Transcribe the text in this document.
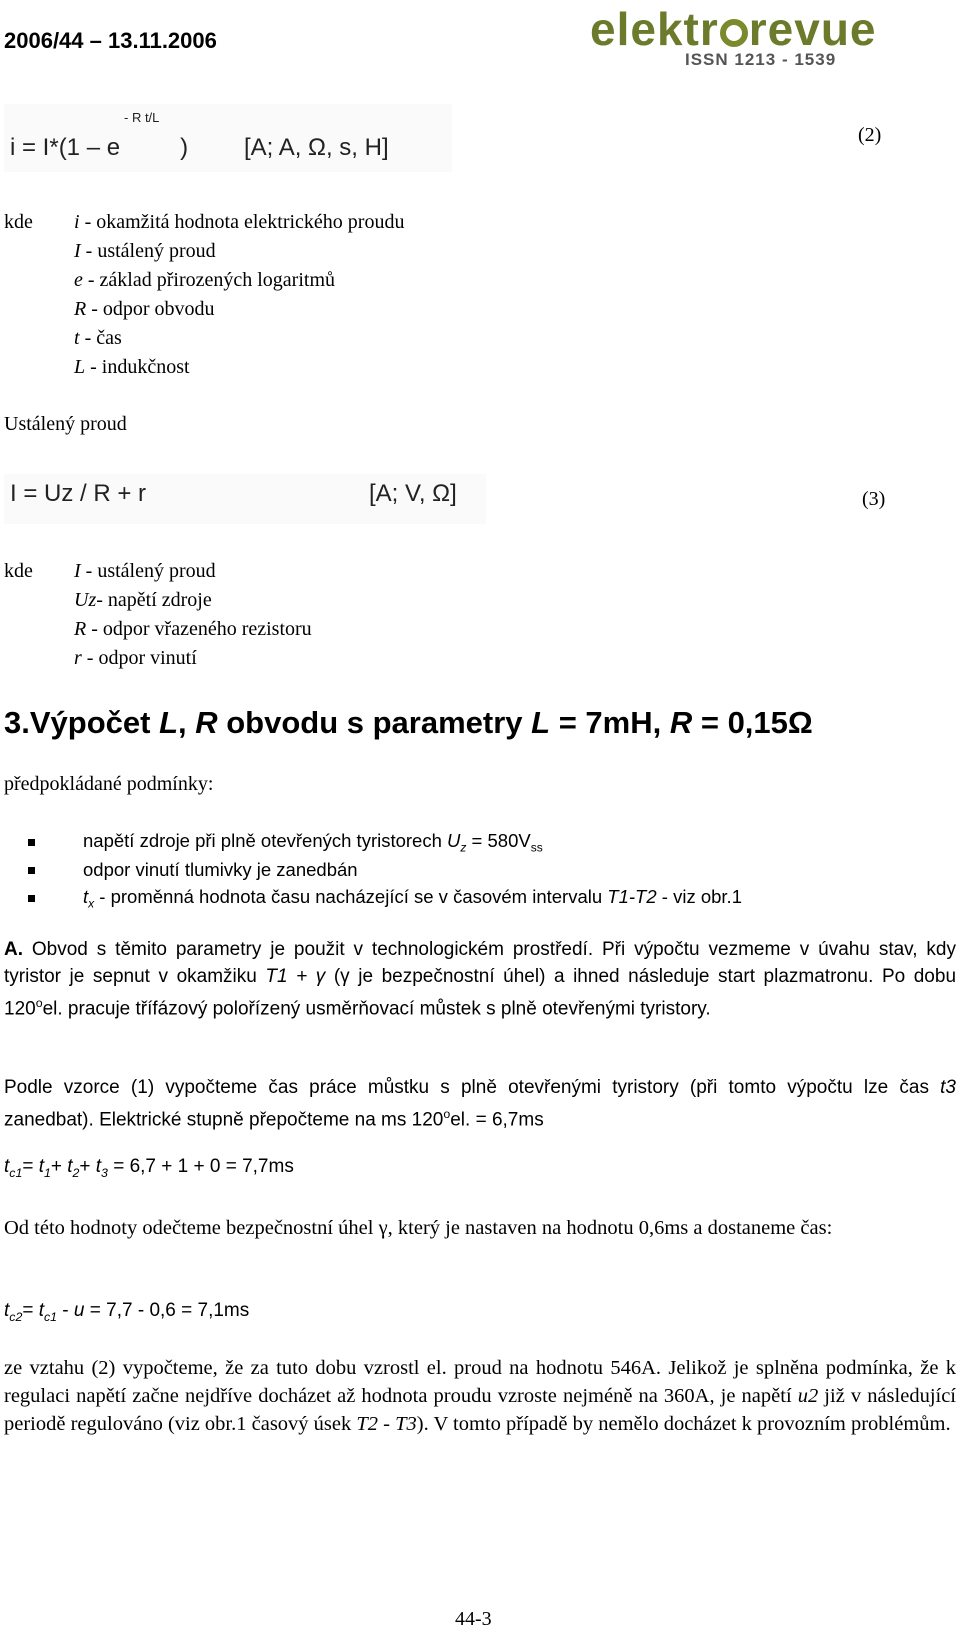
2006/44 – 13.11.2006	elektr revue
ISSN 1213 - 1539
- R t/L
i = I*(1 – e	) [A; A, Ω, s, H]	(2)
kde	i - okamžitá hodnota elektrického proudu
I - ustálený proud
e - základ přirozených logaritmů
R - odpor obvodu
t - čas
L - indukčnost
Ustálený proud
I = Uz / R + r	[A; V, Ω]	(3)
kde	I - ustálený proud
Uz- napětí zdroje
R - odpor vřazeného rezistoru
r - odpor vinutí
3.Výpočet L, R obvodu s parametry L = 7mH, R = 0,15Ω
předpokládané podmínky:
napětí zdroje při plně otevřených tyristorech $U_z = 580V_{ss}$
odpor vinutí tlumivky je zanedbán
$t_x$ - proměnná hodnota času nacházející se v časovém intervalu T1-T2 - viz obr.1
A. Obvod s těmito parametry je použit v technologickém prostředí. Při výpočtu vezmeme v úvahu stav, kdy tyristor je sepnut v okamžiku T1 + γ (γ je bezpečnostní úhel) a ihned následuje start plazmatronu. Po dobu 120$^o$el. pracuje třífázový polořízený usměrňovací můstek s plně otevřenými tyristory.
Podle vzorce (1) vypočteme čas práce můstku s plně otevřenými tyristory (při tomto výpočtu lze čas t3 zanedbat). Elektrické stupně přepočteme na ms $120^oel$. = 6,7ms
$t_{c1}= t_1+ t_2+ t_3 = 6,7 + 1 + 0 = 7,7ms$
Od této hodnoty odečteme bezpečnostní úhel γ, který je nastaven na hodnotu 0,6ms a dostaneme čas:
$t_{c2}= t_{c1} - u = 7,7 - 0,6 = 7,1ms$
ze vztahu (2) vypočteme, že za tuto dobu vzrostl el. proud na hodnotu 546A. Jelikož je splněna podmínka, že k regulaci napětí začne nejdříve docházet až hodnota proudu vzroste nejméně na 360A, je napětí u2 již v následující periodě regulováno (viz obr.1 časový úsek T2 - T3). V tomto případě by nemělo docházet k provozním problémům.
44-3
